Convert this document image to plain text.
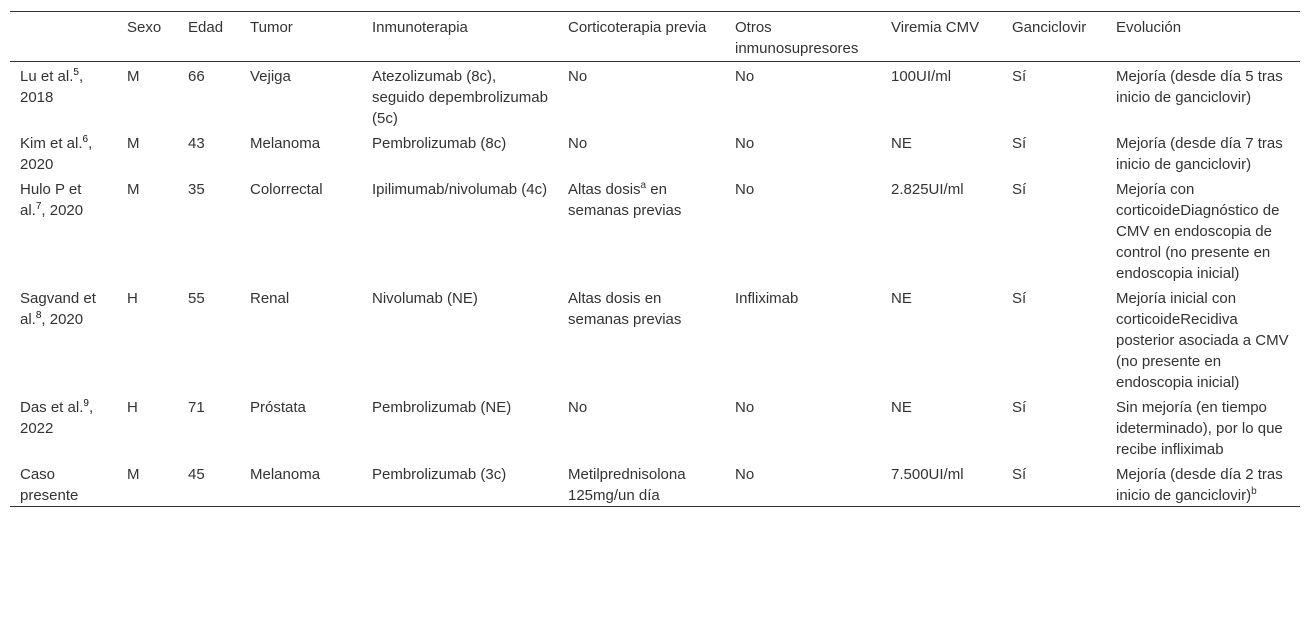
	Sexo	Edad	Tumor	Inmunoterapia	Corticoterapia previa	Otros inmunosupresores	Viremia CMV	Ganciclovir	Evolución
Lu et al.$^5$, 2018	M	66	Vejiga	Atezolizumab (8c), seguido depembrolizumab (5c)	No	No	100UI/ml	Sí	Mejoría (desde día 5 tras inicio de ganciclovir)
Kim et al.$^6$, 2020	M	43	Melanoma	Pembrolizumab (8c)	No	No	NE	Sí	Mejoría (desde día 7 tras inicio de ganciclovir)
Hulo P et al.$^7$, 2020	M	35	Colorrectal	Ipilimumab/nivolumab (4c)	Altas dosis$^a$ en semanas previas	No	2.825UI/ml	Sí	Mejoría con corticoideDiagnóstico de CMV en endoscopia de control (no presente en endoscopia inicial)
Sagvand et al.$^8$, 2020	H	55	Renal	Nivolumab (NE)	Altas dosis en semanas previas	Infliximab	NE	Sí	Mejoría inicial con corticoideRecidiva posterior asociada a CMV (no presente en endoscopia inicial)
Das et al.$^9$, 2022	H	71	Próstata	Pembrolizumab (NE)	No	No	NE	Sí	Sin mejoría (en tiempo ideterminado), por lo que recibe infliximab
Caso presente	M	45	Melanoma	Pembrolizumab (3c)	Metilprednisolona 125mg/un día	No	7.500UI/ml	Sí	Mejoría (desde día 2 tras inicio de ganciclovir)$^b$
